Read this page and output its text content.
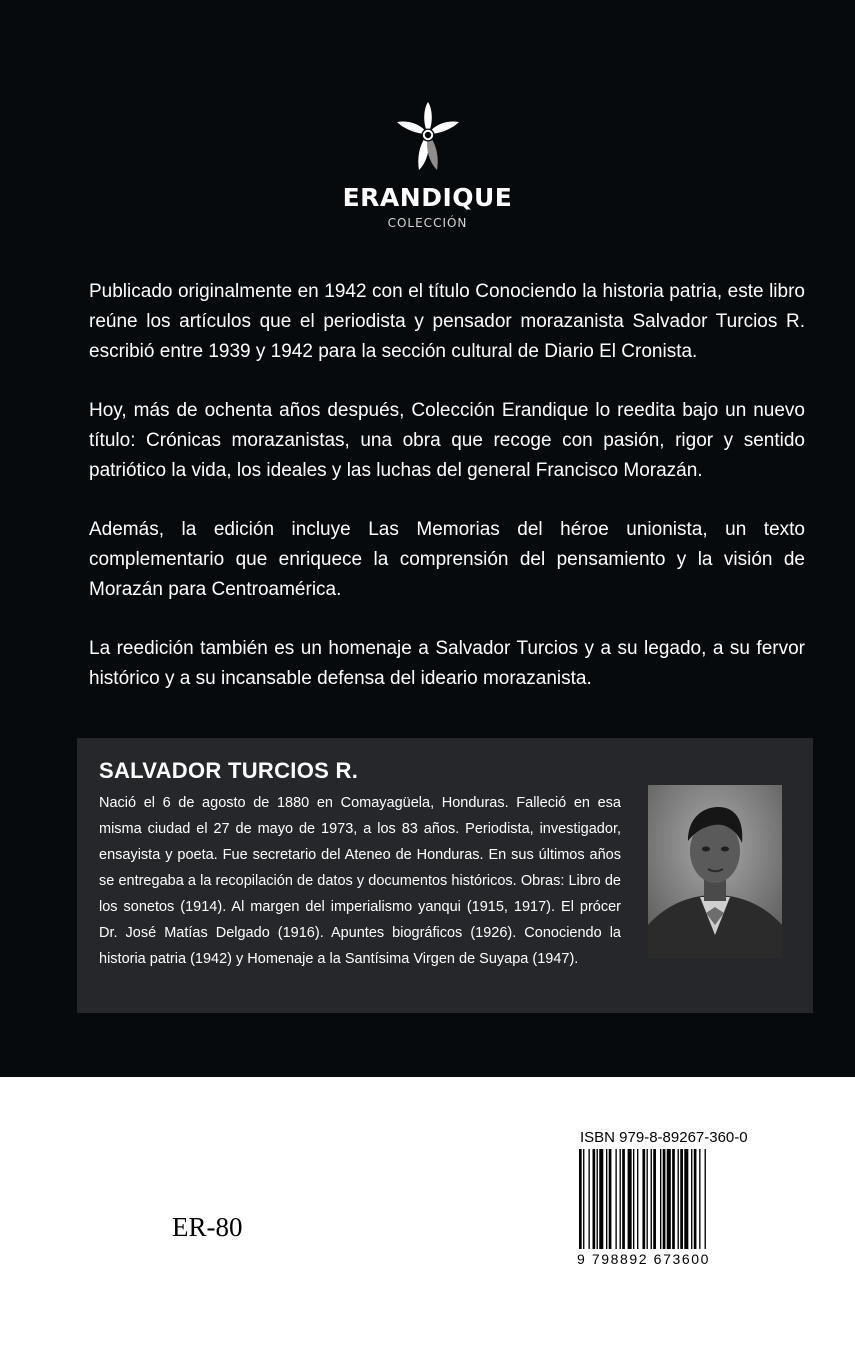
ERANDIQUE
COLECCIÓN

Publicado originalmente en 1942 con el título Conociendo la historia patria, este libro reúne los artículos que el periodista y pensador morazanista Salvador Turcios R. escribió entre 1939 y 1942 para la sección cultural de Diario El Cronista.

Hoy, más de ochenta años después, Colección Erandique lo reedita bajo un nuevo título: Crónicas morazanistas, una obra que recoge con pasión, rigor y sentido patriótico la vida, los ideales y las luchas del general Francisco Morazán.

Además, la edición incluye Las Memorias del héroe unionista, un texto complementario que enriquece la comprensión del pensamiento y la visión de Morazán para Centroamérica.

La reedición también es un homenaje a Salvador Turcios y a su legado, a su fervor histórico y a su incansable defensa del ideario morazanista.

SALVADOR TURCIOS R.
Nació el 6 de agosto de 1880 en Comayagüela, Honduras. Falleció en esa misma ciudad el 27 de mayo de 1973, a los 83 años. Periodista, investigador, ensayista y poeta. Fue secretario del Ateneo de Honduras. En sus últimos años se entregaba a la recopilación de datos y documentos históricos. Obras: Libro de los sonetos (1914). Al margen del imperialismo yanqui (1915, 1917). El prócer Dr. José Matías Delgado (1916). Apuntes biográficos (1926). Conociendo la historia patria (1942) y Homenaje a la Santísima Virgen de Suyapa (1947).
ER-80
ISBN 979-8-89267-360-0
9 798892 673600
